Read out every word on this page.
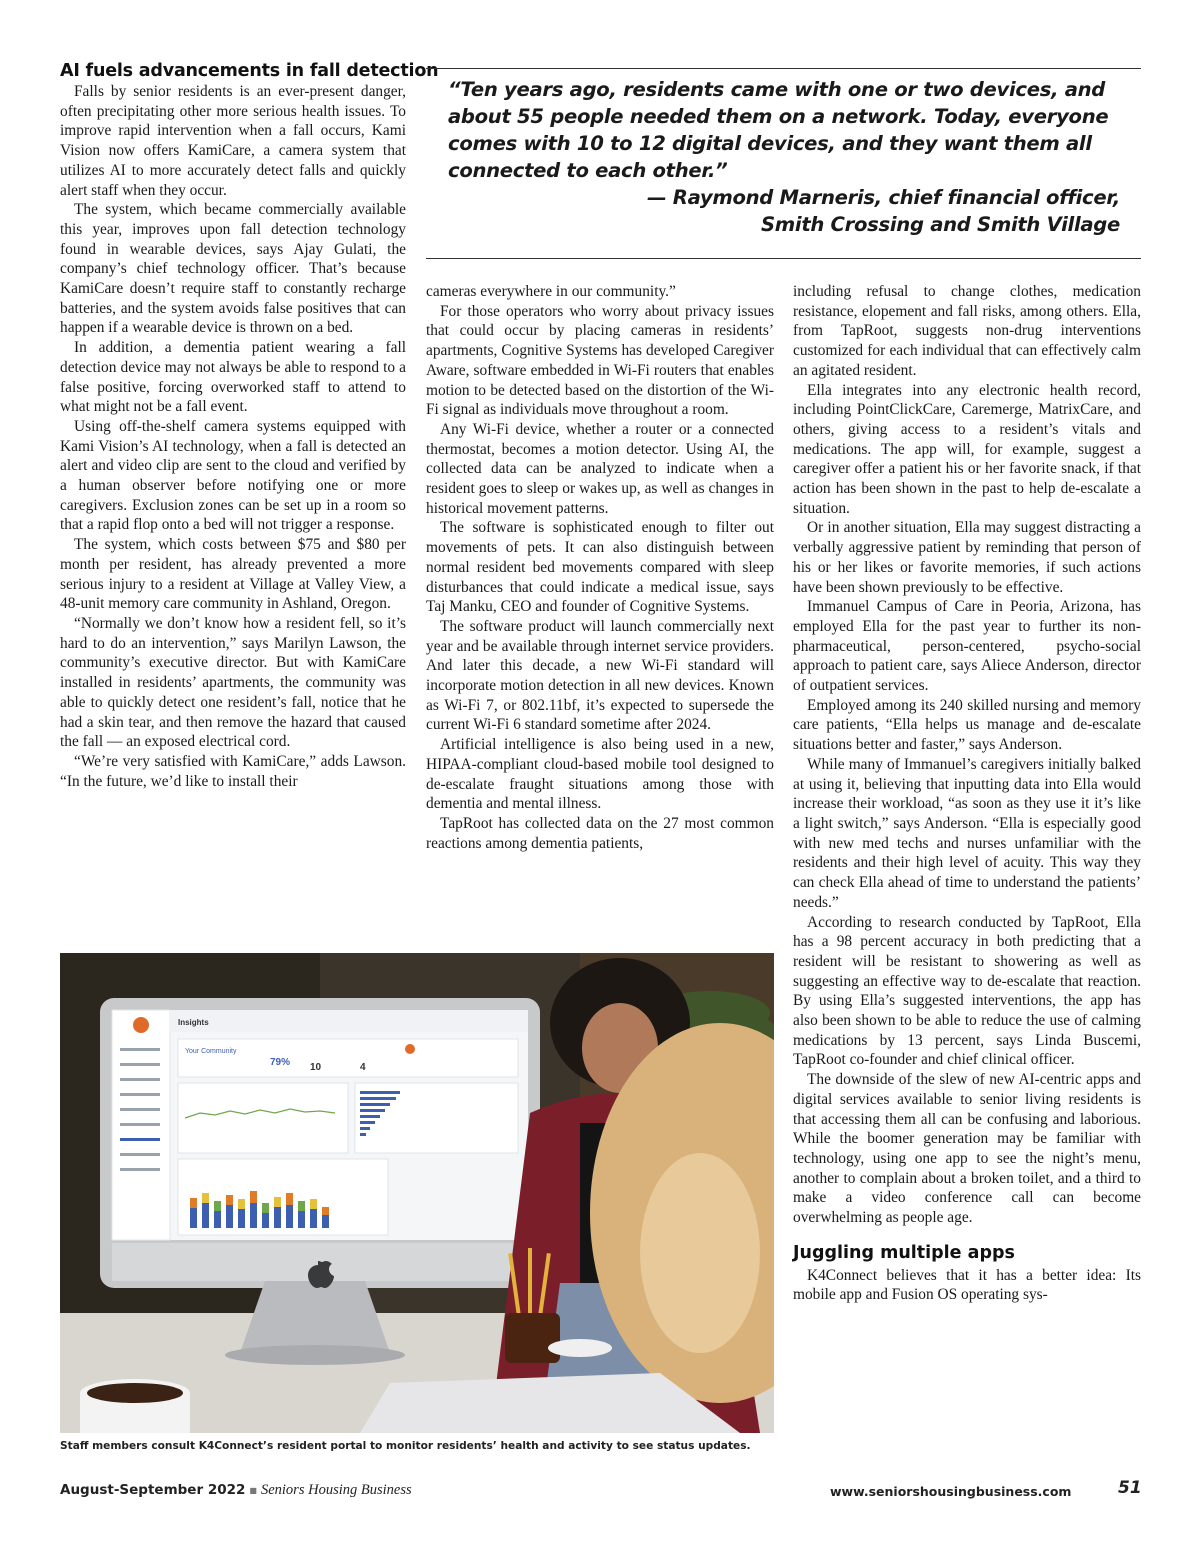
AI fuels advancements in fall detection

Falls by senior residents is an ever-present danger, often precipitating other more serious health issues. To improve rapid intervention when a fall occurs, Kami Vision now offers KamiCare, a camera system that utilizes AI to more accurately detect falls and quickly alert staff when they occur.

The system, which became commercially available this year, improves upon fall detection technology found in wearable devices, says Ajay Gulati, the company’s chief technology officer. That’s because KamiCare doesn’t require staff to constantly recharge batteries, and the system avoids false positives that can happen if a wearable device is thrown on a bed.

In addition, a dementia patient wearing a fall detection device may not always be able to respond to a false positive, forcing overworked staff to attend to what might not be a fall event.

Using off-the-shelf camera systems equipped with Kami Vision’s AI technology, when a fall is detected an alert and video clip are sent to the cloud and verified by a human observer before notifying one or more caregivers. Exclusion zones can be set up in a room so that a rapid flop onto a bed will not trigger a response.

The system, which costs between $75 and $80 per month per resident, has already prevented a more serious injury to a resident at Village at Valley View, a 48-unit memory care community in Ashland, Oregon.

“Normally we don’t know how a resident fell, so it’s hard to do an intervention,” says Marilyn Lawson, the community’s executive director. But with KamiCare installed in residents’ apartments, the community was able to quickly detect one resident’s fall, notice that he had a skin tear, and then remove the hazard that caused the fall — an exposed electrical cord.

“We’re very satisfied with KamiCare,” adds Lawson. “In the future, we’d like to install their

“Ten years ago, residents came with one or two devices, and about 55 people needed them on a network. Today, everyone comes with 10 to 12 digital devices, and they want them all connected to each other.”

— Raymond Marneris, chief financial officer,

Smith Crossing and Smith Village

cameras everywhere in our community.”

For those operators who worry about privacy issues that could occur by placing cameras in residents’ apartments, Cognitive Systems has developed Caregiver Aware, software embedded in Wi-Fi routers that enables motion to be detected based on the distortion of the Wi-Fi signal as individuals move throughout a room.

Any Wi-Fi device, whether a router or a connected thermostat, becomes a motion detector. Using AI, the collected data can be analyzed to indicate when a resident goes to sleep or wakes up, as well as changes in historical movement patterns.

The software is sophisticated enough to filter out movements of pets. It can also distinguish between normal resident bed movements compared with sleep disturbances that could indicate a medical issue, says Taj Manku, CEO and founder of Cognitive Systems.

The software product will launch commercially next year and be available through internet service providers. And later this decade, a new Wi-Fi standard will incorporate motion detection in all new devices. Known as Wi-Fi 7, or 802.11bf, it’s expected to supersede the current Wi-Fi 6 standard sometime after 2024.

Artificial intelligence is also being used in a new, HIPAA-compliant cloud-based mobile tool designed to de-escalate fraught situations among those with dementia and mental illness.

TapRoot has collected data on the 27 most common reactions among dementia patients,

including refusal to change clothes, medication resistance, elopement and fall risks, among others. Ella, from TapRoot, suggests non-drug interventions customized for each individual that can effectively calm an agitated resident.

Ella integrates into any electronic health record, including PointClickCare, Caremerge, MatrixCare, and others, giving access to a resident’s vitals and medications. The app will, for example, suggest a caregiver offer a patient his or her favorite snack, if that action has been shown in the past to help de-escalate a situation.

Or in another situation, Ella may suggest distracting a verbally aggressive patient by reminding that person of his or her likes or favorite memories, if such actions have been shown previously to be effective.

Immanuel Campus of Care in Peoria, Arizona, has employed Ella for the past year to further its non-pharmaceutical, person-centered, psycho-social approach to patient care, says Aliece Anderson, director of outpatient services.

Employed among its 240 skilled nursing and memory care patients, “Ella helps us manage and de-escalate situations better and faster,” says Anderson.

While many of Immanuel’s caregivers initially balked at using it, believing that inputting data into Ella would increase their workload, “as soon as they use it it’s like a light switch,” says Anderson. “Ella is especially good with new med techs and nurses unfamiliar with the residents and their high level of acuity. This way they can check Ella ahead of time to understand the patients’ needs.”

According to research conducted by TapRoot, Ella has a 98 percent accuracy in both predicting that a resident will be resistant to showering as well as suggesting an effective way to de-escalate that reaction. By using Ella’s suggested interventions, the app has also been shown to be able to reduce the use of calming medications by 13 percent, says Linda Buscemi, TapRoot co-founder and chief clinical officer.

The downside of the slew of new AI-centric apps and digital services available to senior living residents is that accessing them all can be confusing and laborious. While the boomer generation may be familiar with technology, using one app to see the night’s menu, another to complain about a broken toilet, and a third to make a video conference call can become overwhelming as people age.

Juggling multiple apps

K4Connect believes that it has a better idea: Its mobile app and Fusion OS operating sys-

Insights
Your Community
79% 10	4
Staff members consult K4Connect’s resident portal to monitor residents’ health and activity to see status updates.
August-September 2022 ■ Seniors Housing Business	www.seniorshousingbusiness.com	51
